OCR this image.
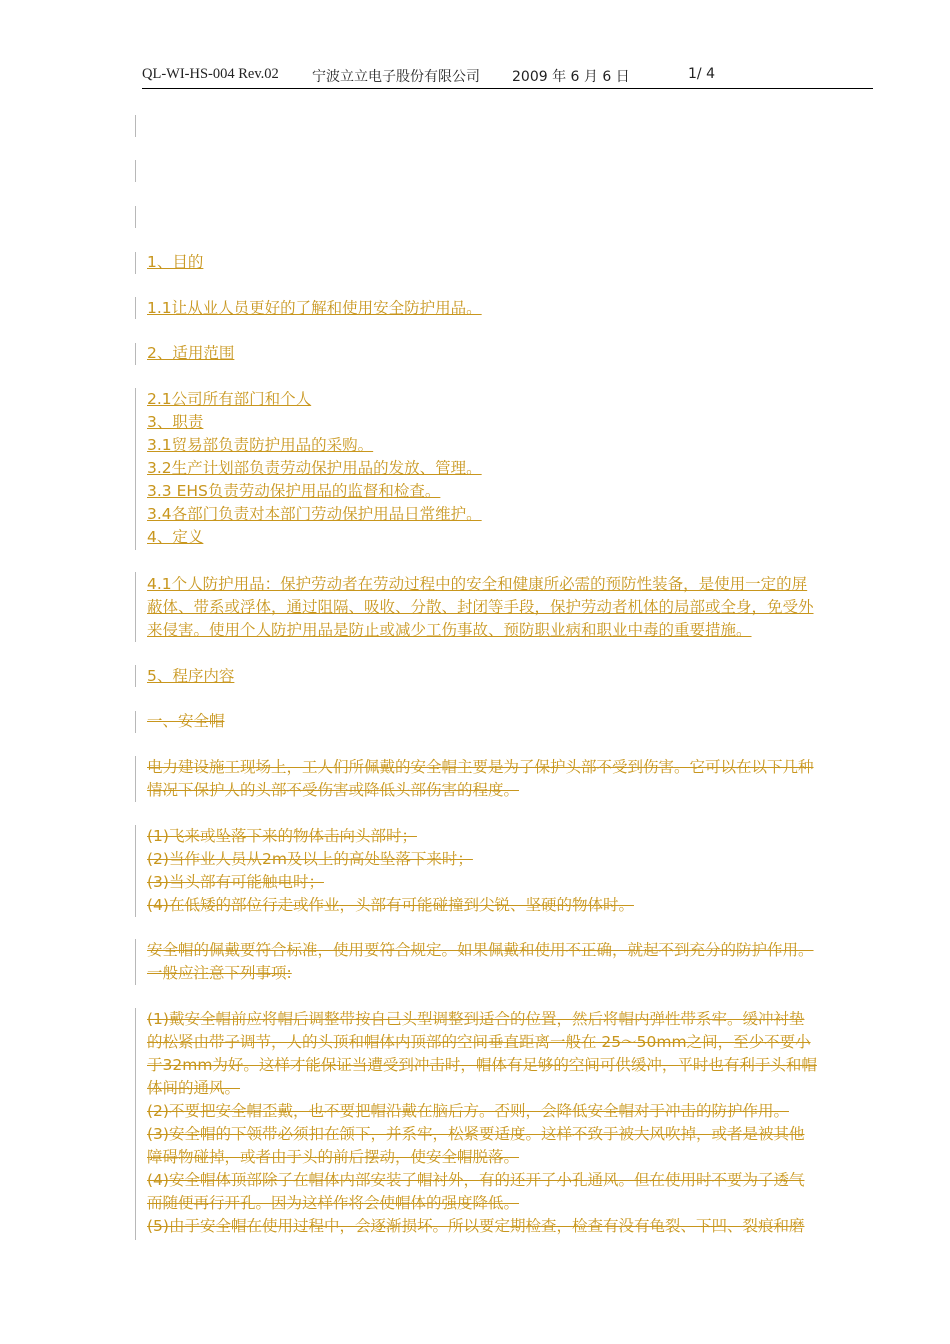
QL-WI-HS-004 Rev.02 宁波立立电子股份有限公司 2009 年 6 月 6 日	1/ 4
1、目的
1.1让从业人员更好的了解和使用安全防护用品。
2、适用范围
2.1公司所有部门和个人
3、职责
3.1贸易部负责防护用品的采购。
3.2生产计划部负责劳动保护用品的发放、管理。
3.3 EHS负责劳动保护用品的监督和检查。
3.4各部门负责对本部门劳动保护用品日常维护。
4、定义
4.1个人防护用品：保护劳动者在劳动过程中的安全和健康所必需的预防性装备，是使用一定的屏
蔽体、带系或浮体，通过阻隔、吸收、分散、封闭等手段，保护劳动者机体的局部或全身，免受外
来侵害。使用个人防护用品是防止或减少工伤事故、预防职业病和职业中毒的重要措施。
5、程序内容
一、安全帽
电力建设施工现场上，工人们所佩戴的安全帽主要是为了保护头部不受到伤害。它可以在以下几种
情况下保护人的头部不受伤害或降低头部伤害的程度。
(1)飞来或坠落下来的物体击向头部时；
(2)当作业人员从2m及以上的高处坠落下来时；
(3)当头部有可能触电时；
(4)在低矮的部位行走或作业，头部有可能碰撞到尖锐、坚硬的物体时。
安全帽的佩戴要符合标准，使用要符合规定。如果佩戴和使用不正确，就起不到充分的防护作用。
一般应注意下列事项:
(1)戴安全帽前应将帽后调整带按自己头型调整到适合的位置，然后将帽内弹性带系牢。缓冲衬垫
的松紧由带子调节，人的头顶和帽体内顶部的空间垂直距离一般在 25～50mm之间，至少不要小
于32mm为好。这样才能保证当遭受到冲击时，帽体有足够的空间可供缓冲，平时也有利于头和帽
体间的通风。
(2)不要把安全帽歪戴，也不要把帽沿戴在脑后方。否则，会降低安全帽对于冲击的防护作用。
(3)安全帽的下领带必须扣在颌下，并系牢，松紧要适度。这样不致于被大风吹掉，或者是被其他
障碍物碰掉，或者由于头的前后摆动，使安全帽脱落。
(4)安全帽体顶部除了在帽体内部安装了帽衬外，有的还开了小孔通风。但在使用时不要为了透气
而随便再行开孔。因为这样作将会使帽体的强度降低。
(5)由于安全帽在使用过程中，会逐渐损坏。所以要定期检查，检查有没有龟裂、下凹、裂痕和磨
